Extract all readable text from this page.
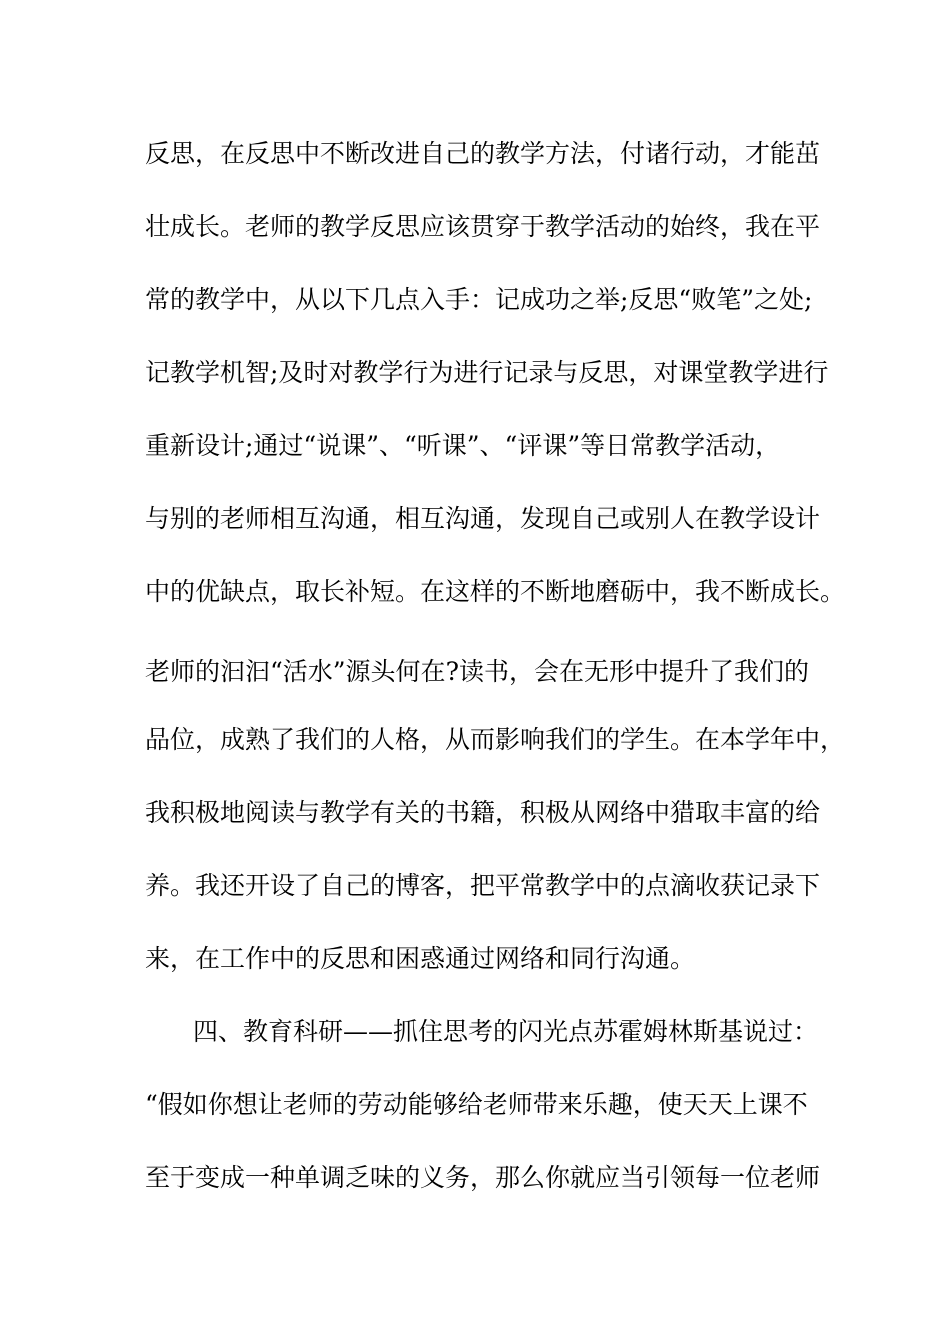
反思，在反思中不断改进自己的教学方法，付诸行动，才能茁
壮成长。老师的教学反思应该贯穿于教学活动的始终，我在平
常的教学中，从以下几点入手：记成功之举;反思“败笔”之处;
记教学机智;及时对教学行为进行记录与反思，对课堂教学进行
重新设计;通过“说课”、“听课”、“评课”等日常教学活动，
与别的老师相互沟通，相互沟通，发现自己或别人在教学设计
中的优缺点，取长补短。在这样的不断地磨砺中，我不断成长。
老师的汩汩“活水”源头何在?读书，会在无形中提升了我们的
品位，成熟了我们的人格，从而影响我们的学生。在本学年中，
我积极地阅读与教学有关的书籍，积极从网络中猎取丰富的给
养。我还开设了自己的博客，把平常教学中的点滴收获记录下
来，在工作中的反思和困惑通过网络和同行沟通。
四、教育科研——抓住思考的闪光点苏霍姆林斯基说过：
“假如你想让老师的劳动能够给老师带来乐趣，使天天上课不
至于变成一种单调乏味的义务，那么你就应当引领每一位老师
